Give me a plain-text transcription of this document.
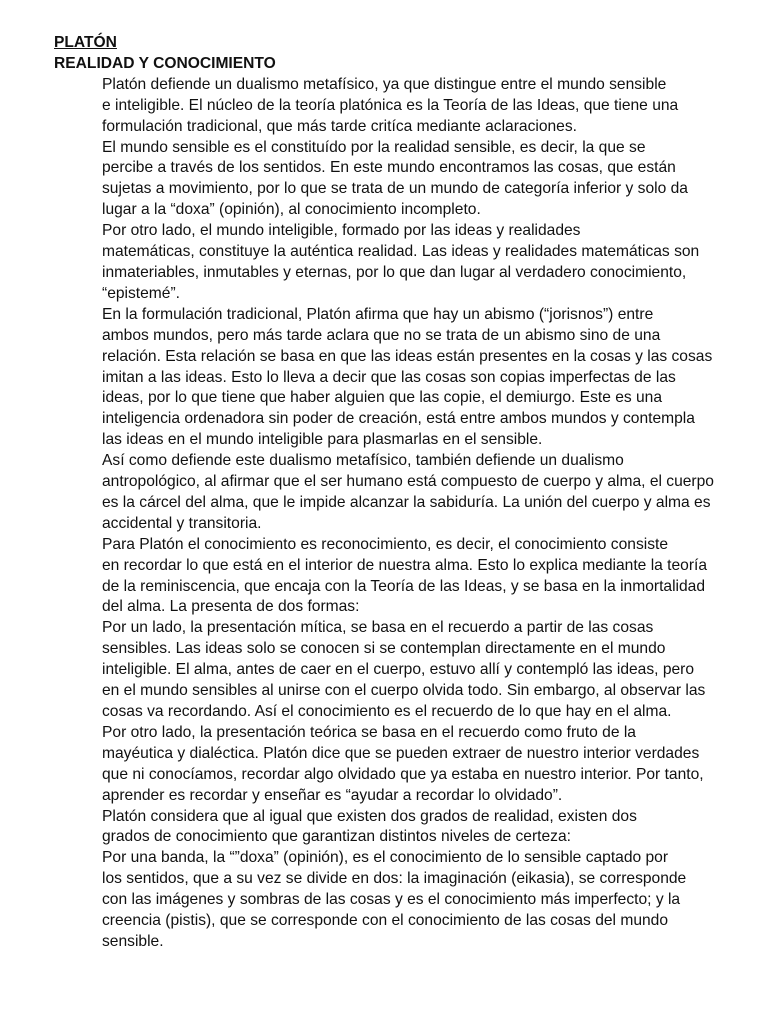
PLATÓN
REALIDAD Y CONOCIMIENTO

Platón defiende un dualismo metafísico, ya que distingue entre el mundo sensible
e inteligible. El núcleo de la teoría platónica es la Teoría de las Ideas, que tiene una
formulación tradicional, que más tarde critíca mediante aclaraciones.

El mundo sensible es el constituído por la realidad sensible, es decir, la que se
percibe a través de los sentidos. En este mundo encontramos las cosas, que están
sujetas a movimiento, por lo que se trata de un mundo de categoría inferior y solo da
lugar a la “doxa” (opinión), al conocimiento incompleto.

Por otro lado, el mundo inteligible, formado por las ideas y realidades
matemáticas, constituye la auténtica realidad. Las ideas y realidades matemáticas son
inmateriables, inmutables y eternas, por lo que dan lugar al verdadero conocimiento,
“epistemé”.

En la formulación tradicional, Platón afirma que hay un abismo (“jorisnos”) entre
ambos mundos, pero más tarde aclara que no se trata de un abismo sino de una
relación. Esta relación se basa en que las ideas están presentes en la cosas y las cosas
imitan a las ideas. Esto lo lleva a decir que las cosas son copias imperfectas de las
ideas, por lo que tiene que haber alguien que las copie, el demiurgo. Este es una
inteligencia ordenadora sin poder de creación, está entre ambos mundos y contempla
las ideas en el mundo inteligible para plasmarlas en el sensible.

Así como defiende este dualismo metafísico, también defiende un dualismo
antropológico, al afirmar que el ser humano está compuesto de cuerpo y alma, el cuerpo
es la cárcel del alma, que le impide alcanzar la sabiduría. La unión del cuerpo y alma es
accidental y transitoria.

Para Platón el conocimiento es reconocimiento, es decir, el conocimiento consiste
en recordar lo que está en el interior de nuestra alma. Esto lo explica mediante la teoría
de la reminiscencia, que encaja con la Teoría de las Ideas, y se basa en la inmortalidad
del alma. La presenta de dos formas:

Por un lado, la presentación mítica, se basa en el recuerdo a partir de las cosas
sensibles. Las ideas solo se conocen si se contemplan directamente en el mundo
inteligible. El alma, antes de caer en el cuerpo, estuvo allí y contempló las ideas, pero
en el mundo sensibles al unirse con el cuerpo olvida todo. Sin embargo, al observar las
cosas va recordando. Así el conocimiento es el recuerdo de lo que hay en el alma.

Por otro lado, la presentación teórica se basa en el recuerdo como fruto de la
mayéutica y dialéctica. Platón dice que se pueden extraer de nuestro interior verdades
que ni conocíamos, recordar algo olvidado que ya estaba en nuestro interior. Por tanto,
aprender es recordar y enseñar es “ayudar a recordar lo olvidado”.

Platón considera que al igual que existen dos grados de realidad, existen dos
grados de conocimiento que garantizan distintos niveles de certeza:

Por una banda, la “”doxa” (opinión), es el conocimiento de lo sensible captado por
los sentidos, que a su vez se divide en dos: la imaginación (eikasia), se corresponde
con las imágenes y sombras de las cosas y es el conocimiento más imperfecto; y la
creencia (pistis), que se corresponde con el conocimiento de las cosas del mundo
sensible.
